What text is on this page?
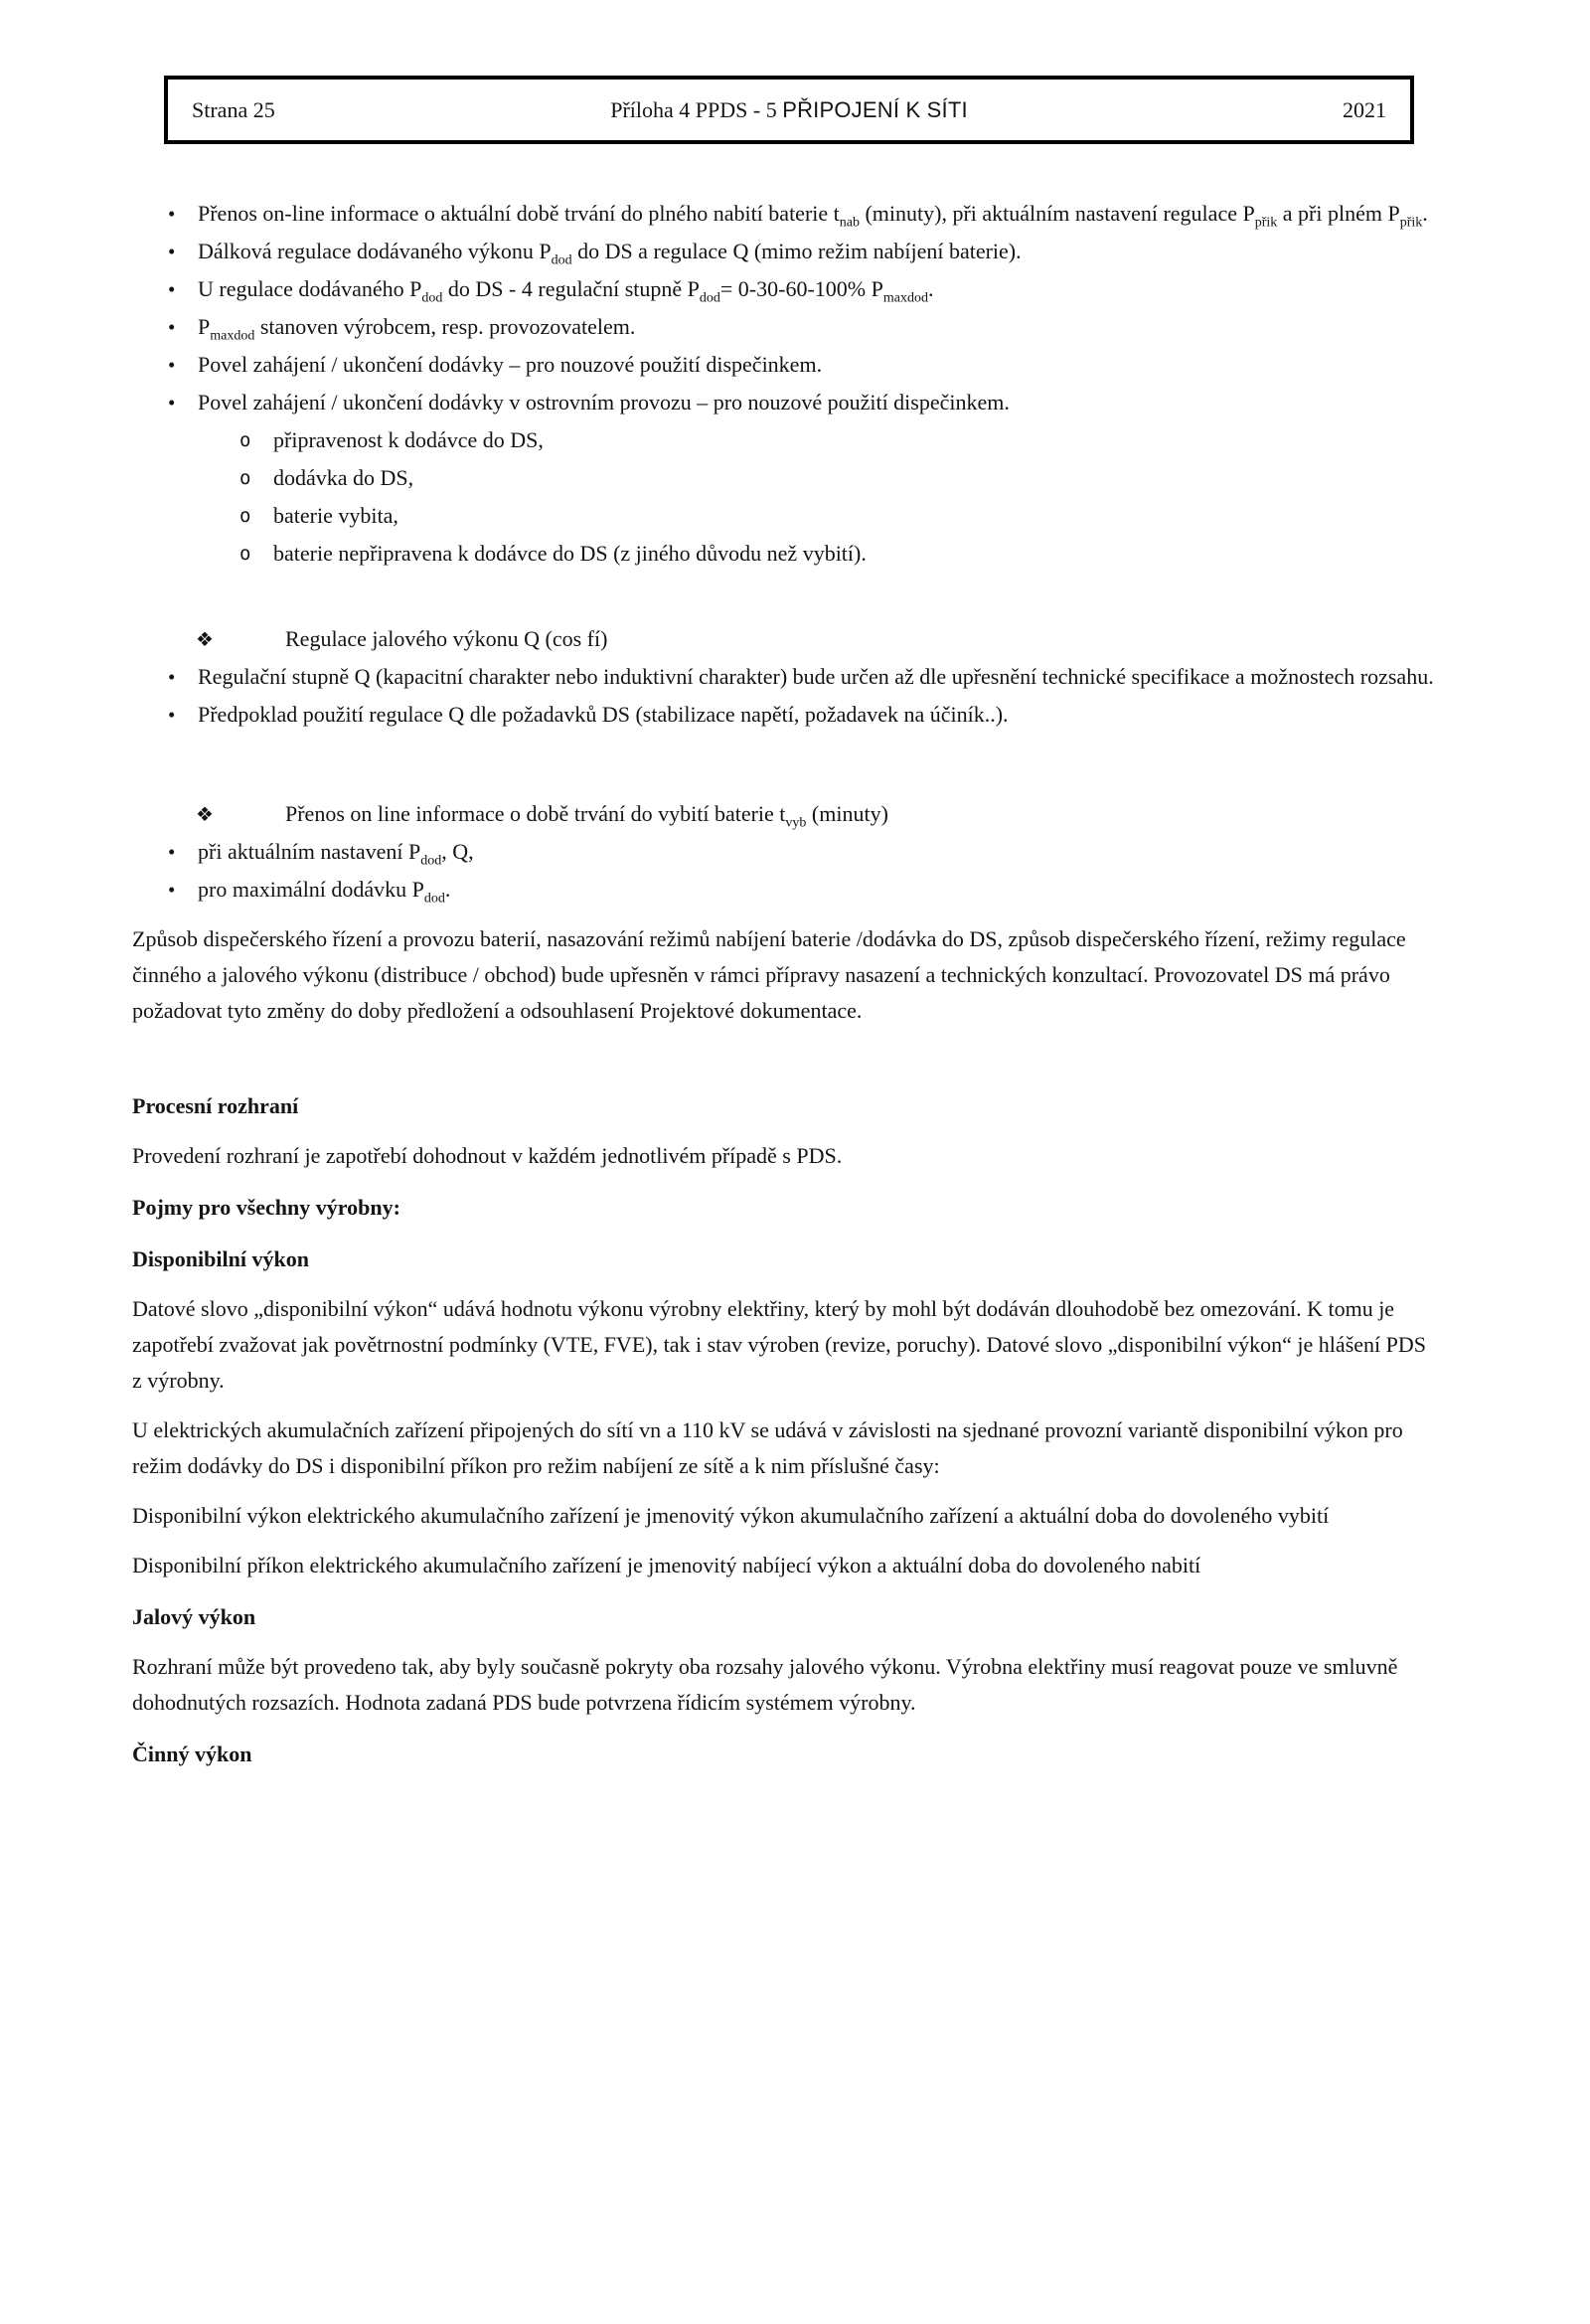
Strana 25	Příloha 4 PPDS - 5 PŘIPOJENÍ K SÍTI	2021
• Přenos on-line informace o aktuální době trvání do plného nabití baterie $t_{nab}$ (minuty), při aktuálním nastavení regulace $P_{přik}$ a při plném $P_{přik}$.
• Dálková regulace dodávaného výkonu $P_{dod}$ do DS a regulace Q (mimo režim nabíjení baterie).
• U regulace dodávaného $P_{dod}$ do DS - 4 regulační stupně $P_{dod}= 0-30-60-100\%$ $P_{maxdod}$.
• $P_{maxdod}$ stanoven výrobcem, resp. provozovatelem.
• Povel zahájení / ukončení dodávky – pro nouzové použití dispečinkem.
• Povel zahájení / ukončení dodávky v ostrovním provozu – pro nouzové použití dispečinkem.
o připravenost k dodávce do DS,
o dodávka do DS,
o baterie vybita,
o baterie nepřipravena k dodávce do DS (z jiného důvodu než vybití).
❖	Regulace jalového výkonu Q (cos fí)
• Regulační stupně Q (kapacitní charakter nebo induktivní charakter) bude určen až dle upřesnění technické specifikace a možnostech rozsahu.
• Předpoklad použití regulace Q dle požadavků DS (stabilizace napětí, požadavek na účiník..).
❖	Přenos on line informace o době trvání do vybití baterie $t_{vyb}$ (minuty)
• při aktuálním nastavení $P_{dod}$, Q,
• pro maximální dodávku $P_{dod}$.

Způsob dispečerského řízení a provozu baterií, nasazování režimů nabíjení baterie /dodávka do DS, způsob dispečerského řízení, režimy regulace činného a jalového výkonu (distribuce / obchod) bude upřesněn v rámci přípravy nasazení a technických konzultací. Provozovatel DS má právo požadovat tyto změny do doby předložení a odsouhlasení Projektové dokumentace.

Procesní rozhraní

Provedení rozhraní je zapotřebí dohodnout v každém jednotlivém případě s PDS.

Pojmy pro všechny výrobny:
Disponibilní výkon

Datové slovo „disponibilní výkon“ udává hodnotu výkonu výrobny elektřiny, který by mohl být dodáván dlouhodobě bez omezování. K tomu je zapotřebí zvažovat jak povětrnostní podmínky (VTE, FVE), tak i stav výroben (revize, poruchy). Datové slovo „disponibilní výkon“ je hlášení PDS z výrobny.

U elektrických akumulačních zařízení připojených do sítí vn a 110 kV se udává v závislosti na sjednané provozní variantě disponibilní výkon pro režim dodávky do DS i disponibilní příkon pro režim nabíjení ze sítě a k nim příslušné časy:

Disponibilní výkon elektrického akumulačního zařízení je jmenovitý výkon akumulačního zařízení a aktuální doba do dovoleného vybití

Disponibilní příkon elektrického akumulačního zařízení je jmenovitý nabíjecí výkon a aktuální doba do dovoleného nabití

Jalový výkon

Rozhraní může být provedeno tak, aby byly současně pokryty oba rozsahy jalového výkonu. Výrobna elektřiny musí reagovat pouze ve smluvně dohodnutých rozsazích. Hodnota zadaná PDS bude potvrzena řídicím systémem výrobny.

Činný výkon
